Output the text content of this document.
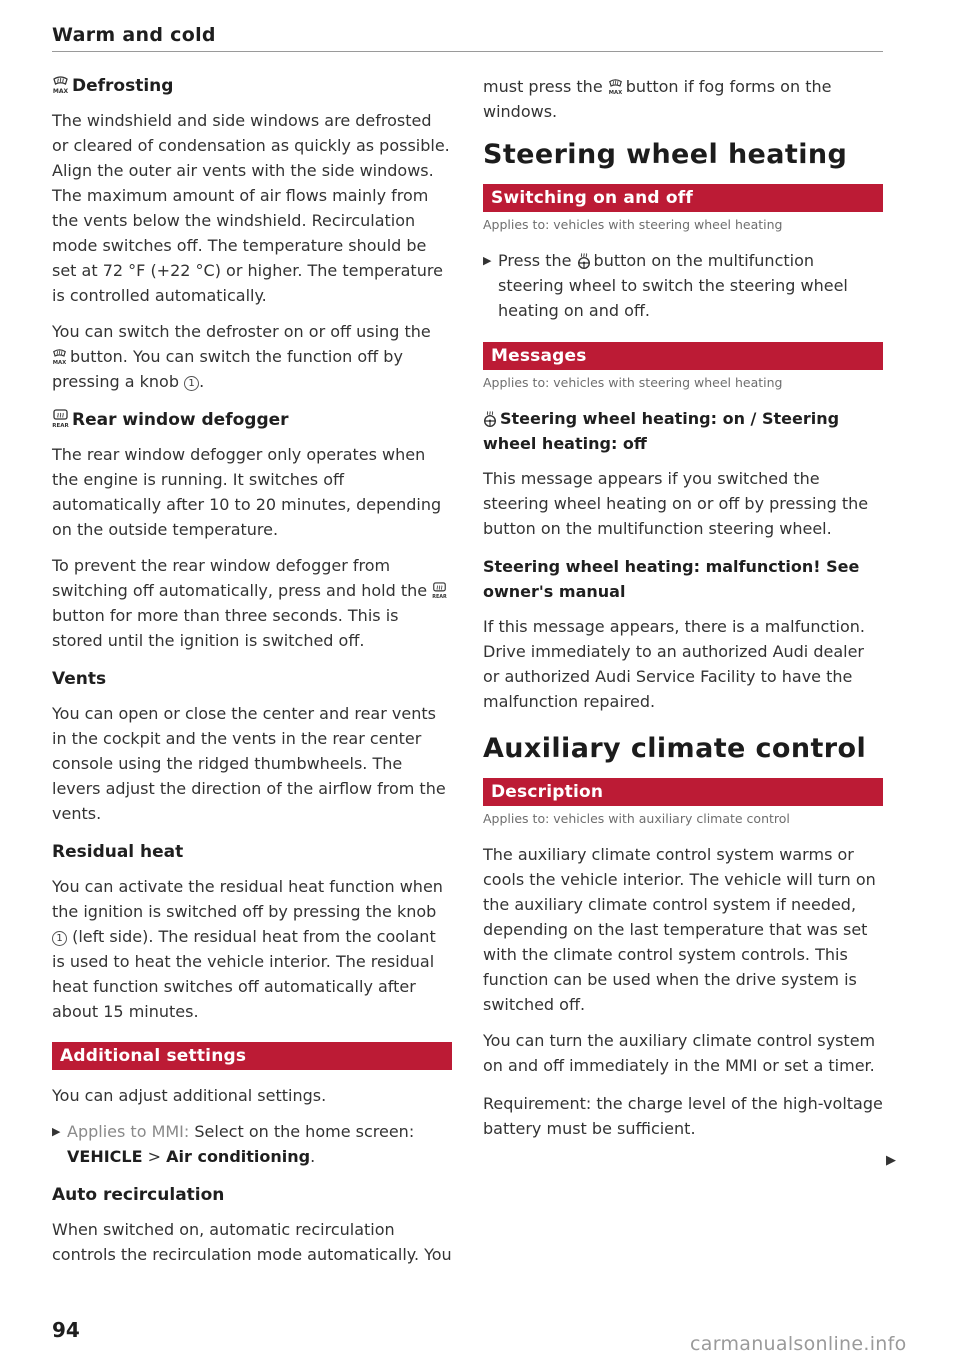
Warm and cold
MAX Defrosting

The windshield and side windows are defrosted or cleared of condensation as quickly as possible. Align the outer air vents with the side windows. The maximum amount of air flows mainly from the vents below the windshield. Recirculation mode switches off. The temperature should be set at 72 °F (+22 °C) or higher. The temperature is controlled automatically.

You can switch the defroster on or off using the
MAX button. You can switch the function off by pressing a knob 1 .

REAR Rear window defogger

The rear window defogger only operates when the engine is running. It switches off automatically after 10 to 20 minutes, depending on the outside temperature.

To prevent the rear window defogger from switching off automatically, press and hold the REAR
button for more than three seconds. This is stored until the ignition is switched off.

Vents

You can open or close the center and rear vents in the cockpit and the vents in the rear center console using the ridged thumbwheels. The levers adjust the direction of the airflow from the vents.

Residual heat

You can activate the residual heat function when the ignition is switched off by pressing the knob 1 (left side). The residual heat from the coolant is used to heat the vehicle interior. The residual heat function switches off automatically after about 15 minutes.

Additional settings

You can adjust additional settings.

▶ Applies to MMI: Select on the home screen: VEHICLE > Air conditioning.
Auto recirculation

When switched on, automatic recirculation controls the recirculation mode automatically. You

must press the MAX button if fog forms on the windows.

Steering wheel heating
Switching on and off
Applies to: vehicles with steering wheel heating
▶ Press the button on the multifunction steering wheel to switch the steering wheel heating on and off.
Messages
Applies to: vehicles with steering wheel heating
Steering wheel heating: on / Steering wheel heating: off

This message appears if you switched the steering wheel heating on or off by pressing the button on the multifunction steering wheel.

Steering wheel heating: malfunction! See owner's manual

If this message appears, there is a malfunction. Drive immediately to an authorized Audi dealer or authorized Audi Service Facility to have the malfunction repaired.

Auxiliary climate control
Description
Applies to: vehicles with auxiliary climate control

The auxiliary climate control system warms or cools the vehicle interior. The vehicle will turn on the auxiliary climate control system if needed, depending on the last temperature that was set with the climate control system controls. This function can be used when the drive system is switched off.

You can turn the auxiliary climate control system on and off immediately in the MMI or set a timer.

Requirement: the charge level of the high-voltage battery must be sufficient.

▶
94
carmanualsonline.info
